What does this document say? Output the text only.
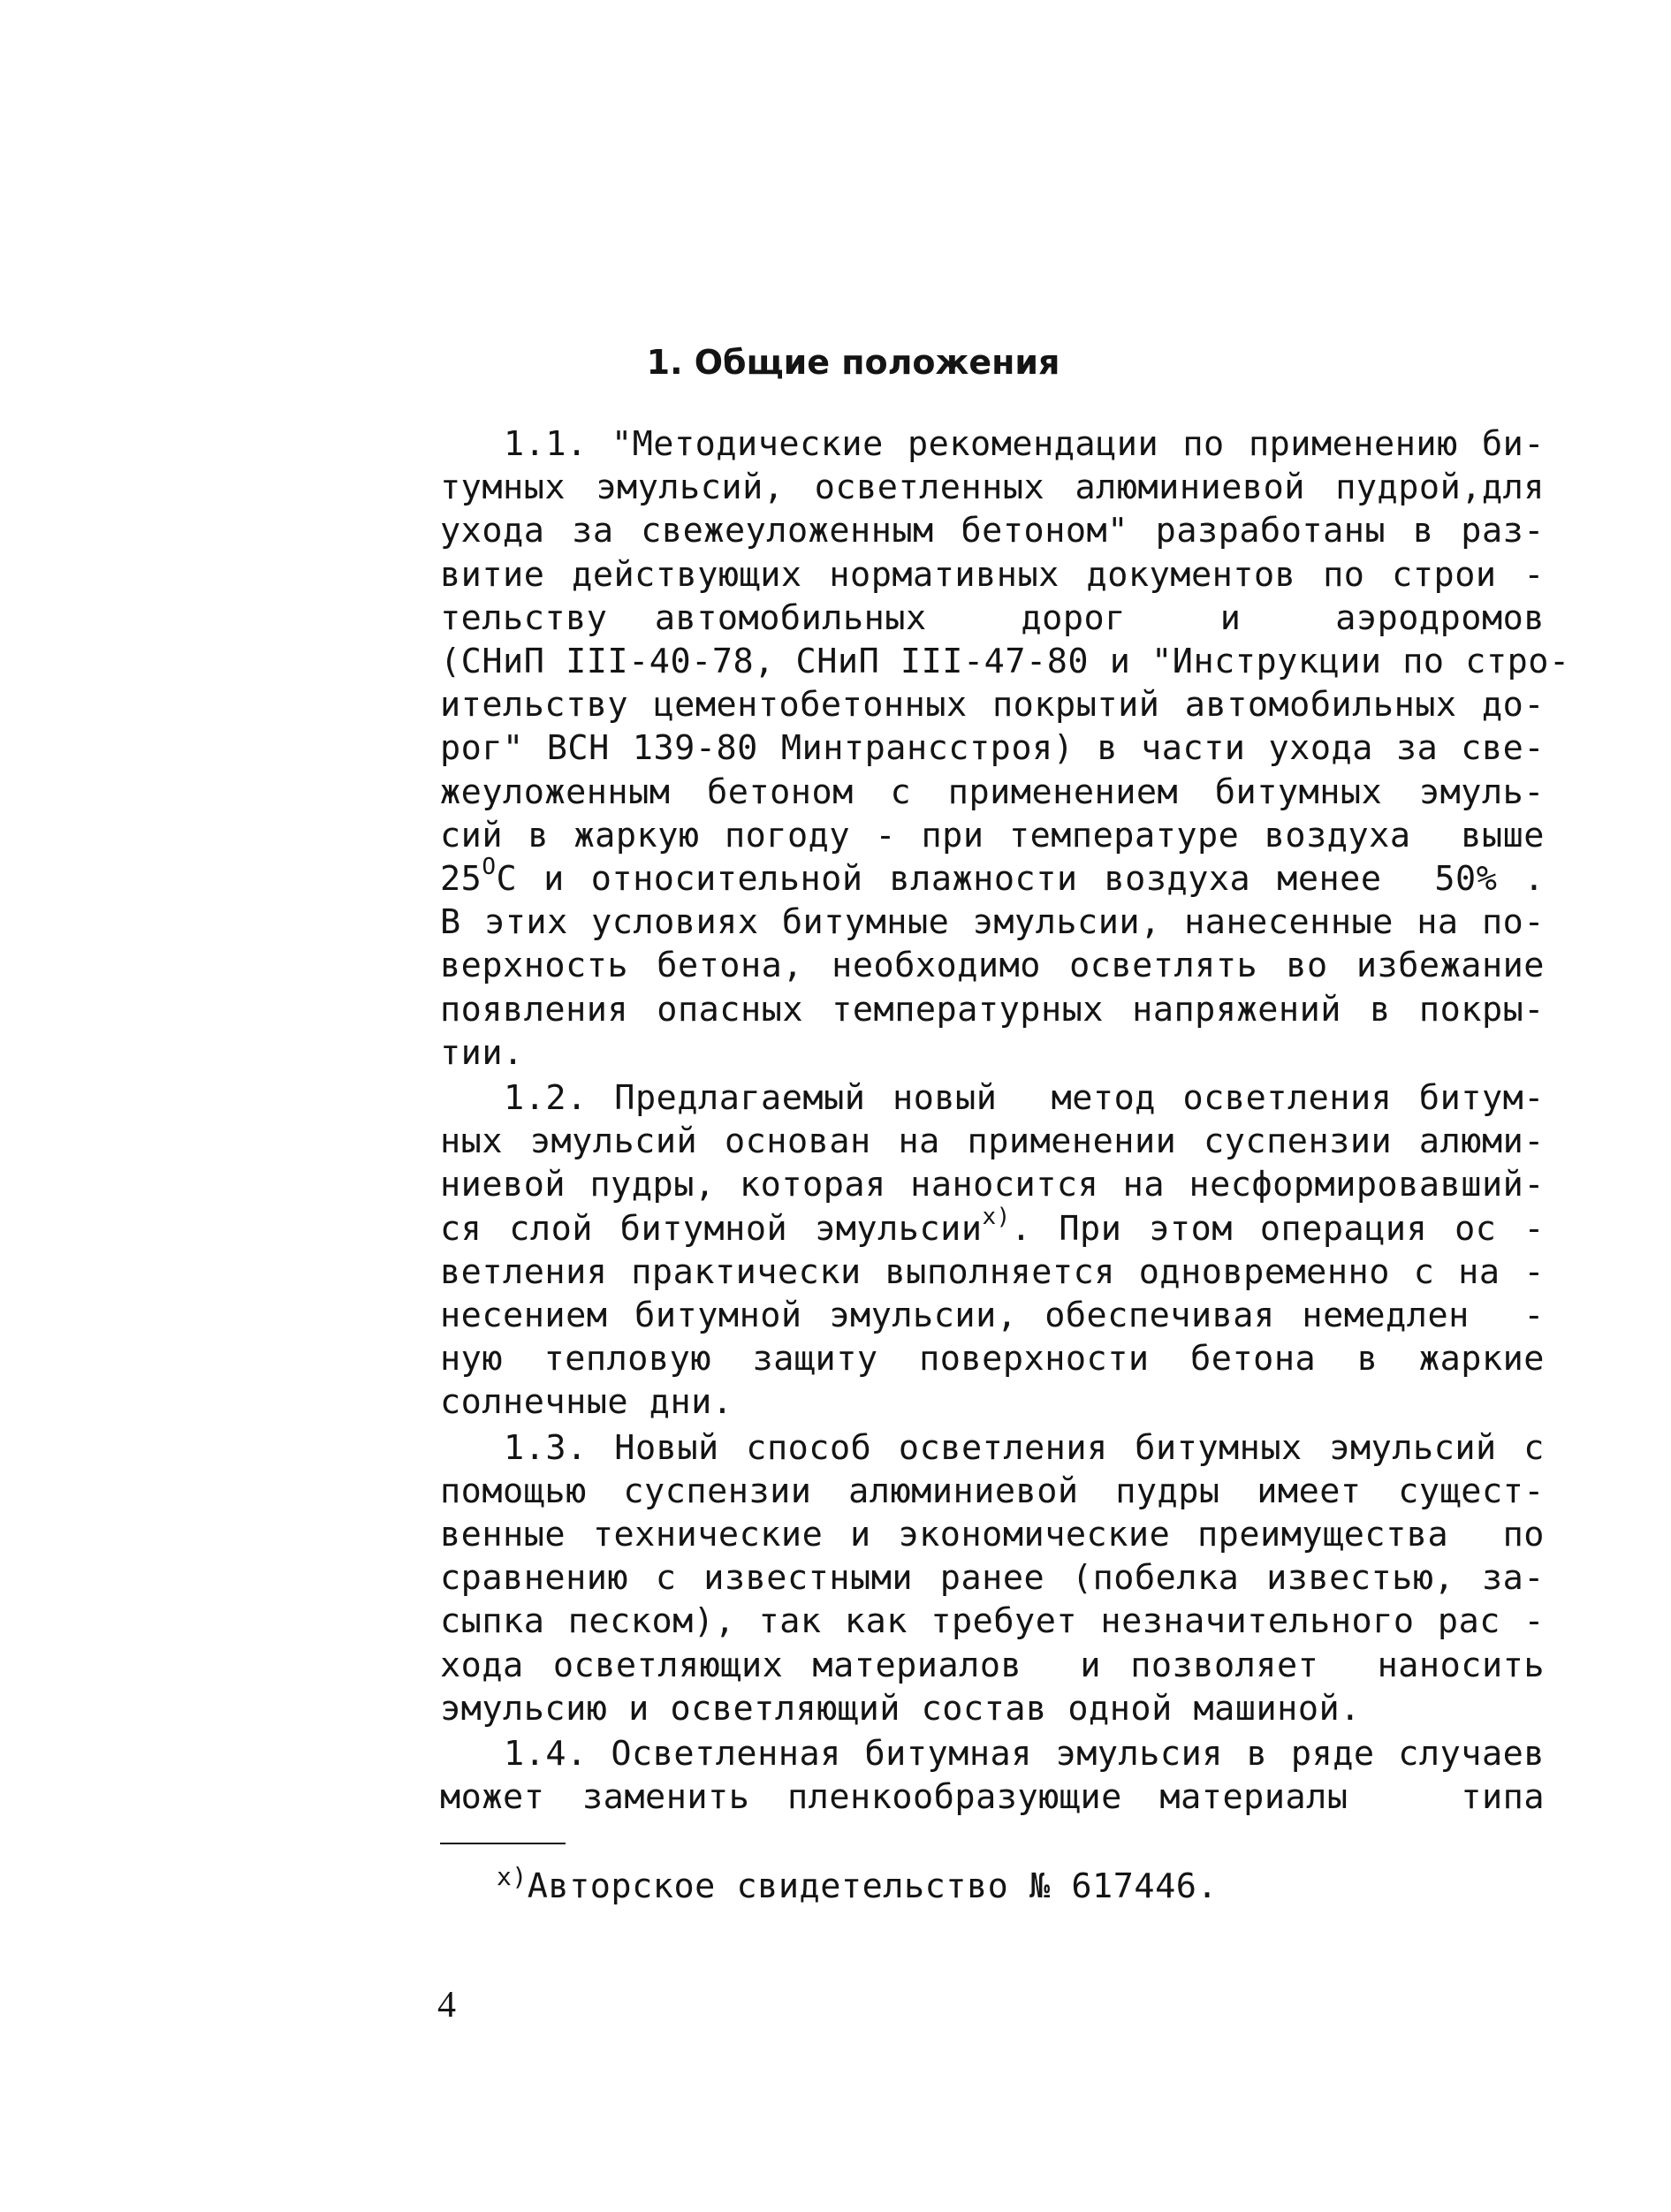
1. Общие положения
1.1. "Методические рекомендации по применению би-
тумных эмульсий, осветленных алюминиевой пудрой,для
ухода за свежеуложенным бетоном" разработаны в раз-
витие действующих нормативных документов по строи -
тельству автомобильных  дорог  и  аэродромов
(СНиП III-40-78, СНиП III-47-80 и "Инструкции по стро-
ительству цементобетонных покрытий автомобильных до-
рог" ВСН 139-80 Минтрансстроя) в части ухода за све-
жеуложенным бетоном с применением битумных эмуль-
сий в жаркую погоду - при температуре воздуха  выше
$25^OС$ и относительной влажности воздуха менее  50% .
В этих условиях битумные эмульсии, нанесенные на по-
верхность бетона, необходимо осветлять во избежание
появления опасных температурных напряжений в покры-
тии.
1.2. Предлагаемый новый  метод осветления битум-
ных эмульсий основан на применении суспензии алюми-
ниевой пудры, которая наносится на несформировавший-
ся слой битумной эмульсии$^{x)}$. При этом операция ос -
ветления практически выполняется одновременно с на -
несением битумной эмульсии, обеспечивая немедлен  -
ную тепловую защиту поверхности бетона в жаркие
солнечные дни.
1.3. Новый способ осветления битумных эмульсий с
помощью суспензии алюминиевой пудры имеет сущест-
венные технические и экономические преимущества  по
сравнению с известными ранее (побелка известью, за-
сыпка песком), так как требует незначительного рас -
хода осветляющих материалов  и позволяет  наносить
эмульсию и осветляющий состав одной машиной.
1.4. Осветленная битумная эмульсия в ряде случаев
может заменить пленкообразующие материалы   типа
$^{x)}$Авторское свидетельство № 617446.
4
